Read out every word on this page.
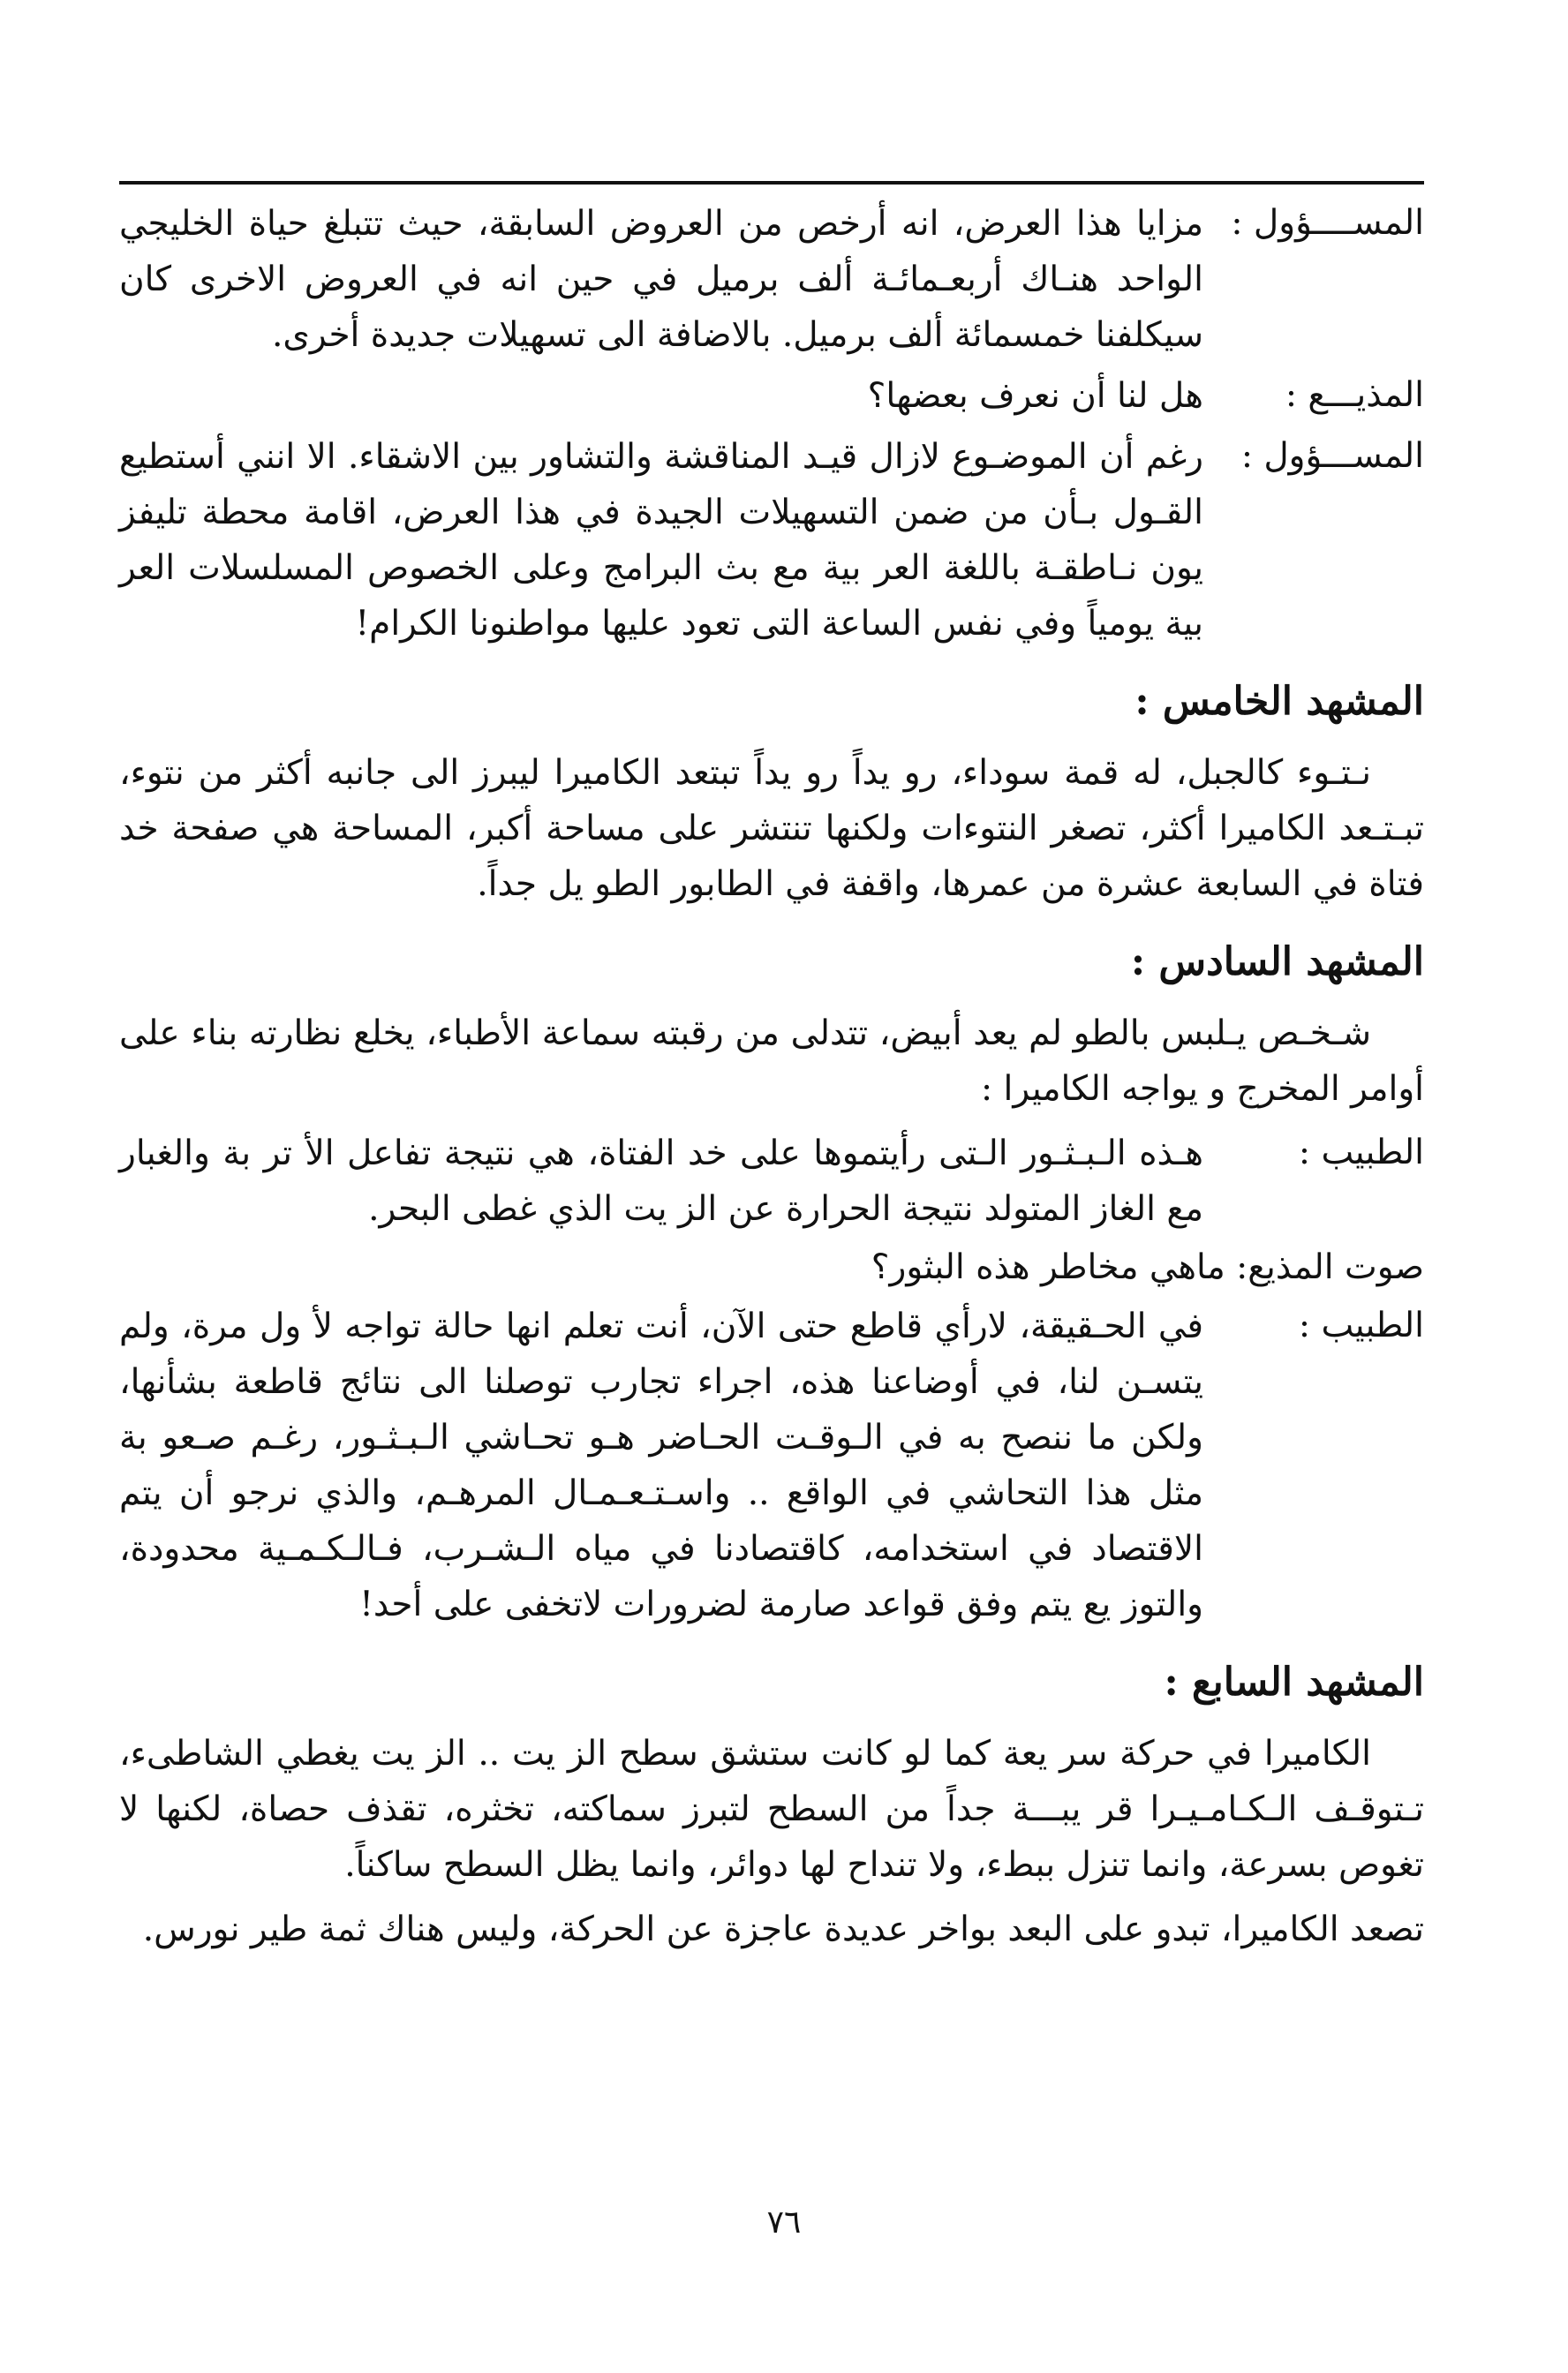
المســــؤول :
مزايا هذا العرض، انه أرخص من العروض السابقة، حيث تتبلغ حياة الخليجي الواحد هنـاك أربعـمائـة ألف برميل في حين انه في العروض الاخرى كان سيكلفنا خمسمائة ألف برميل. بالاضافة الى تسهيلات جديدة أخرى.
المذيـــع :
هل لنا أن نعرف بعضها؟
المســـؤول :
رغم أن الموضـوع لازال قيـد المناقشة والتشاور بين الاشقاء. الا انني أستطيع القـول بـأن من ضمن التسهيلات الجيدة في هذا العرض، اقامة محطة تليفز يون نـاطقـة باللغة العر بية مع بث البرامج وعلى الخصوص المسلسلات العر بية يومياً وفي نفس الساعة التى تعود عليها مواطنونا الكرام!
المشهد الخامس :
نـتـوء كالجبل، له قمة سوداء، رو يداً رو يداً تبتعد الكاميرا ليبرز الى جانبه أكثر من نتوء، تبـتـعد الكاميرا أكثر، تصغر النتوءات ولكنها تنتشر على مساحة أكبر، المساحة هي صفحة خد فتاة في السابعة عشرة من عمرها، واقفة في الطابور الطو يل جداً.
المشهد السادس :
شـخـص يـلبس بالطو لم يعد أبيض، تتدلى من رقبته سماعة الأطباء، يخلع نظارته بناء على أوامر المخرج و يواجه الكاميرا :
الطبيب :
هـذه الـبـثـور الـتى رأيتموها على خد الفتاة، هي نتيجة تفاعل الأ تر بة والغبار مع الغاز المتولد نتيجة الحرارة عن الز يت الذي غطى البحر.
صوت المذيع: ماهي مخاطر هذه البثور؟
الطبيب :
في الحـقيقة، لارأي قاطع حتى الآن، أنت تعلم انها حالة تواجه لأ ول مرة، ولم يتسـن لنا، في أوضاعنا هذه، اجراء تجارب توصلنا الى نتائج قاطعة بشأنها، ولكن ما ننصح به في الـوقـت الحـاضر هـو تحـاشي الـبـثـور، رغـم صـعو بة مثل هذا التحاشي في الواقع .. واسـتـعـمـال المرهـم، والذي نرجو أن يتم الاقتصاد في استخدامه، كاقتصادنا في مياه الـشـرب، فـالـكـمـية محدودة، والتوز يع يتم وفق قواعد صارمة لضرورات لاتخفى على أحد!
المشهد السابع :
الكاميرا في حركة سر يعة كما لو كانت ستشق سطح الز يت .. الز يت يغطي الشاطىء، تـتوقـف الـكـامـيـرا قر يبـــة جداً من السطح لتبرز سماكته، تخثره، تقذف حصاة، لكنها لا تغوص بسرعة، وانما تنزل ببطء، ولا تنداح لها دوائر، وانما يظل السطح ساكناً.
تصعد الكاميرا، تبدو على البعد بواخر عديدة عاجزة عن الحركة، وليس هناك ثمة طير نورس.
٧٦
